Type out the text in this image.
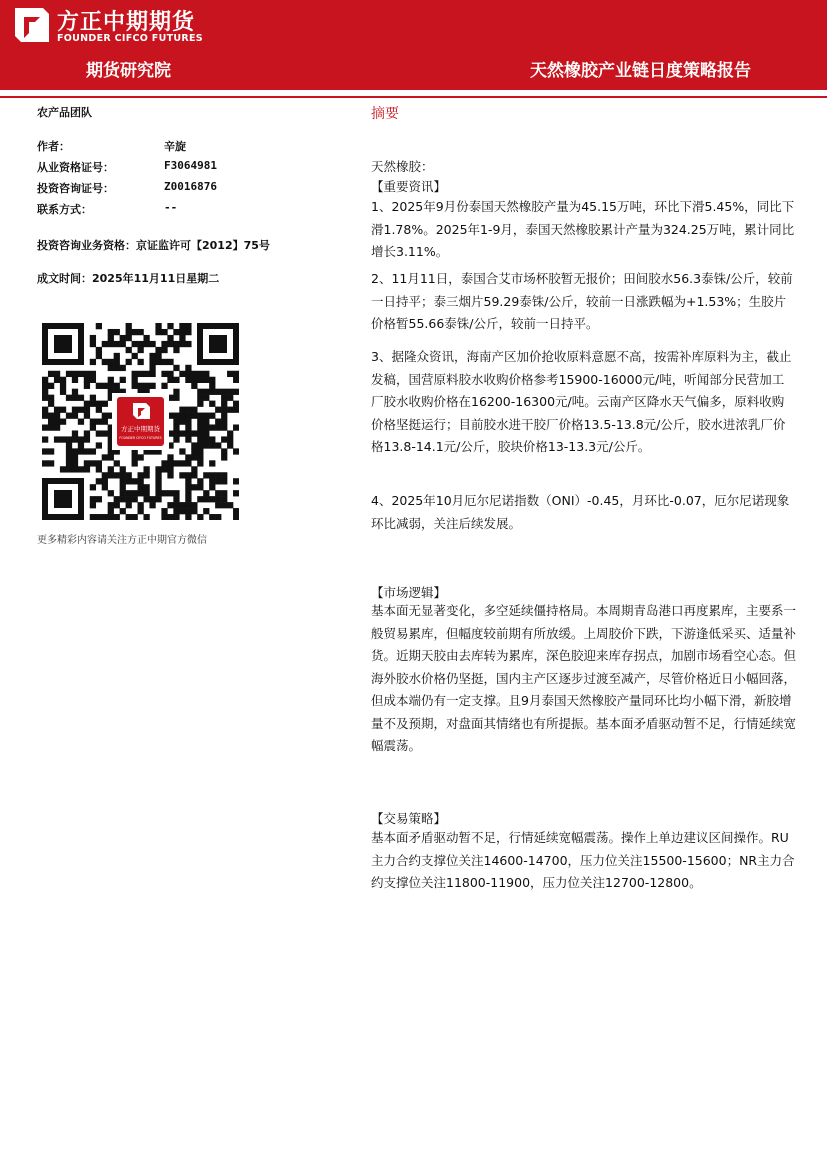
方正中期期货
FOUNDER CIFCO FUTURES
期货研究院	天然橡胶产业链日度策略报告
农产品团队
作者：	辛旋
从业资格证号：	F3064981
投资咨询证号：	Z0016876
联系方式：	--
投资咨询业务资格：京证监许可【2012】75号
成文时间：2025年11月11日星期二
方正中期期货
FOUNDER CIFCO FUTURES
更多精彩内容请关注方正中期官方微信
摘要
天然橡胶：
【重要资讯】
1、2025年9月份泰国天然橡胶产量为45.15万吨，环比下滑5.45%，同比下滑1.78%。2025年1-9月，泰国天然橡胶累计产量为324.25万吨，累计同比增长3.11%。
2、11月11日，泰国合艾市场杯胶暂无报价；田间胶水56.3泰铢/公斤，较前一日持平；泰三烟片59.29泰铢/公斤，较前一日涨跌幅为+1.53%；生胶片价格暂55.66泰铢/公斤，较前一日持平。
3、据隆众资讯，海南产区加价抢收原料意愿不高，按需补库原料为主，截止发稿，国营原料胶水收购价格参考15900-16000元/吨，听闻部分民营加工厂胶水收购价格在16200-16300元/吨。云南产区降水天气偏多，原料收购价格坚挺运行；目前胶水进干胶厂价格13.5-13.8元/公斤，胶水进浓乳厂价格13.8-14.1元/公斤，胶块价格13-13.3元/公斤。
4、2025年10月厄尔尼诺指数（ONI）-0.45，月环比-0.07，厄尔尼诺现象环比减弱，关注后续发展。
【市场逻辑】
基本面无显著变化，多空延续僵持格局。本周期青岛港口再度累库，主要系一般贸易累库，但幅度较前期有所放缓。上周胶价下跌，下游逢低采买、适量补货。近期天胶由去库转为累库，深色胶迎来库存拐点，加剧市场看空心态。但海外胶水价格仍坚挺，国内主产区逐步过渡至减产，尽管价格近日小幅回落，但成本端仍有一定支撑。且9月泰国天然橡胶产量同环比均小幅下滑，新胶增量不及预期，对盘面其情绪也有所提振。基本面矛盾驱动暂不足，行情延续宽幅震荡。
【交易策略】
基本面矛盾驱动暂不足，行情延续宽幅震荡。操作上单边建议区间操作。RU主力合约支撑位关注14600-14700，压力位关注15500-15600；NR主力合约支撑位关注11800-11900，压力位关注12700-12800。
